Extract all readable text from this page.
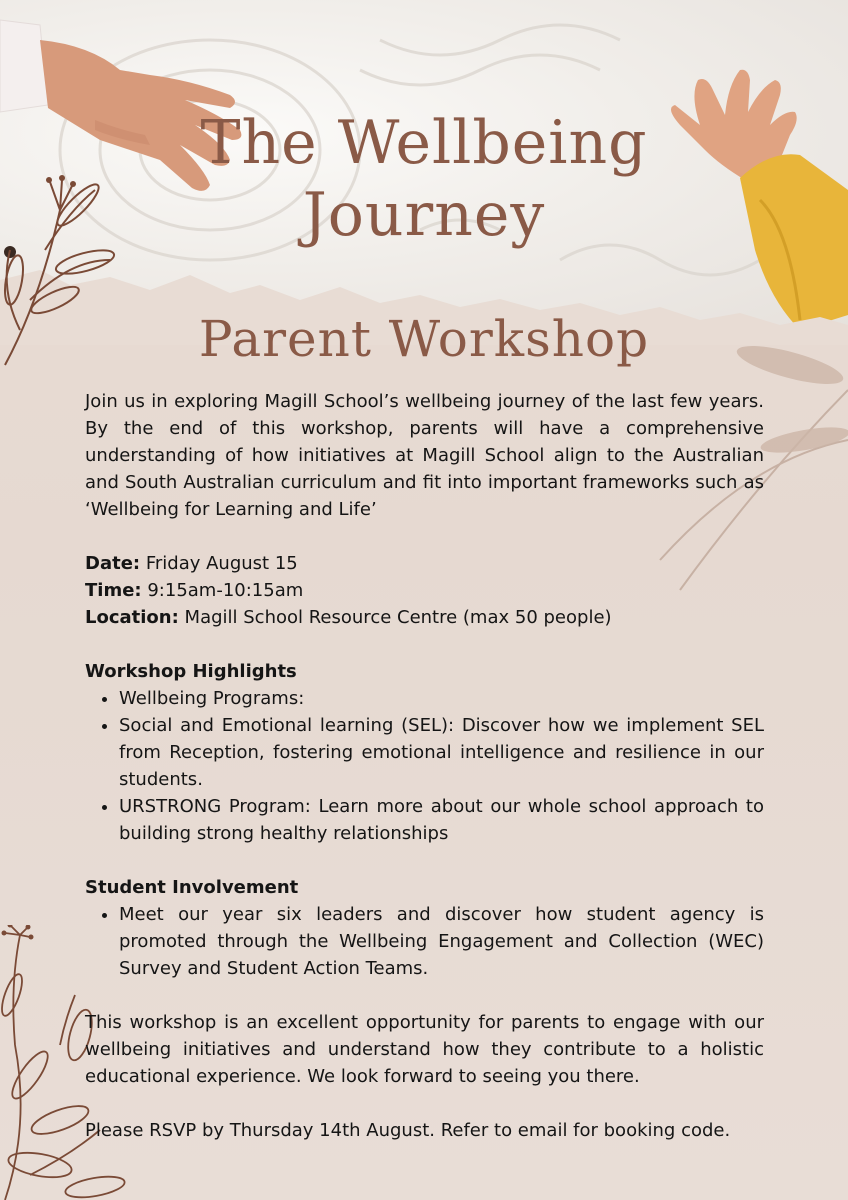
The Wellbeing
Journey
Parent Workshop

Join us in exploring Magill School’s wellbeing journey of the last few years. By the end of this workshop, parents will have a comprehensive understanding of how initiatives at Magill School align to the Australian and South Australian curriculum and fit into important frameworks such as ‘Wellbeing for Learning and Life’

Date: Friday August 15

Time: 9:15am-10:15am

Location: Magill School Resource Centre (max 50 people)

Workshop Highlights

• Wellbeing Programs:
• Social and Emotional learning (SEL): Discover how we implement SEL from Reception, fostering emotional intelligence and resilience in our students.
• URSTRONG Program: Learn more about our whole school approach to building strong healthy relationships

Student Involvement

• Meet our year six leaders and discover how student agency is promoted through the Wellbeing Engagement and Collection (WEC) Survey and Student Action Teams.

This workshop is an excellent opportunity for parents to engage with our wellbeing initiatives and understand how they contribute to a holistic educational experience. We look forward to seeing you there.

Please RSVP by Thursday 14th August. Refer to email for booking code.
